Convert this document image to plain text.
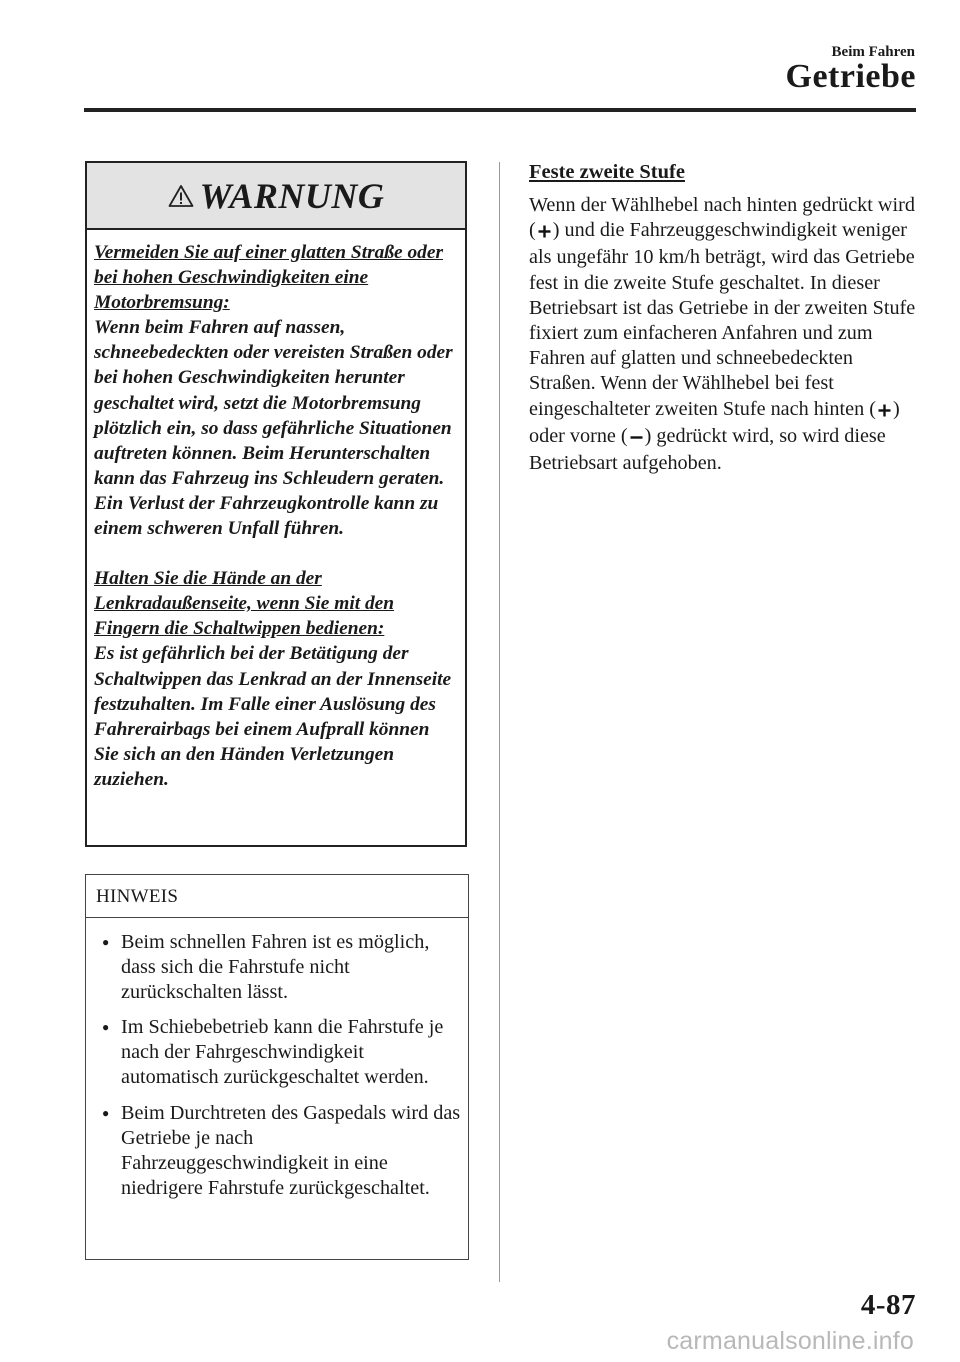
Beim Fahren
Getriebe
WARNUNG

Vermeiden Sie auf einer glatten Straße oder bei hohen Geschwindigkeiten eine Motorbremsung:
Wenn beim Fahren auf nassen, schneebedeckten oder vereisten Straßen oder bei hohen Geschwindigkeiten herunter geschaltet wird, setzt die Motorbremsung plötzlich ein, so dass gefährliche Situationen auftreten können. Beim Herunterschalten kann das Fahrzeug ins Schleudern geraten. Ein Verlust der Fahrzeugkontrolle kann zu einem schweren Unfall führen.

Halten Sie die Hände an der Lenkradaußenseite, wenn Sie mit den Fingern die Schaltwippen bedienen:
Es ist gefährlich bei der Betätigung der Schaltwippen das Lenkrad an der Innenseite festzuhalten. Im Falle einer Auslösung des Fahrerairbags bei einem Aufprall können Sie sich an den Händen Verletzungen zuziehen.

HINWEIS
● Beim schnellen Fahren ist es möglich, dass sich die Fahrstufe nicht zurückschalten lässt.
● Im Schiebebetrieb kann die Fahrstufe je nach der Fahrgeschwindigkeit automatisch zurückgeschaltet werden.
● Beim Durchtreten des Gaspedals wird das Getriebe je nach Fahrzeuggeschwindigkeit in eine niedrigere Fahrstufe zurückgeschaltet.
Feste zweite Stufe

Wenn der Wählhebel nach hinten gedrückt wird ( ) und die Fahrzeuggeschwindigkeit weniger als ungefähr 10 km/h beträgt, wird das Getriebe fest in die zweite Stufe geschaltet. In dieser Betriebsart ist das Getriebe in der zweiten Stufe fixiert zum einfacheren Anfahren und zum Fahren auf glatten und schneebedeckten Straßen. Wenn der Wählhebel bei fest eingeschalteter zweiten Stufe nach hinten ( ) oder vorne ( ) gedrückt wird, so wird diese Betriebsart aufgehoben.

4-87
carmanualsonline.info
